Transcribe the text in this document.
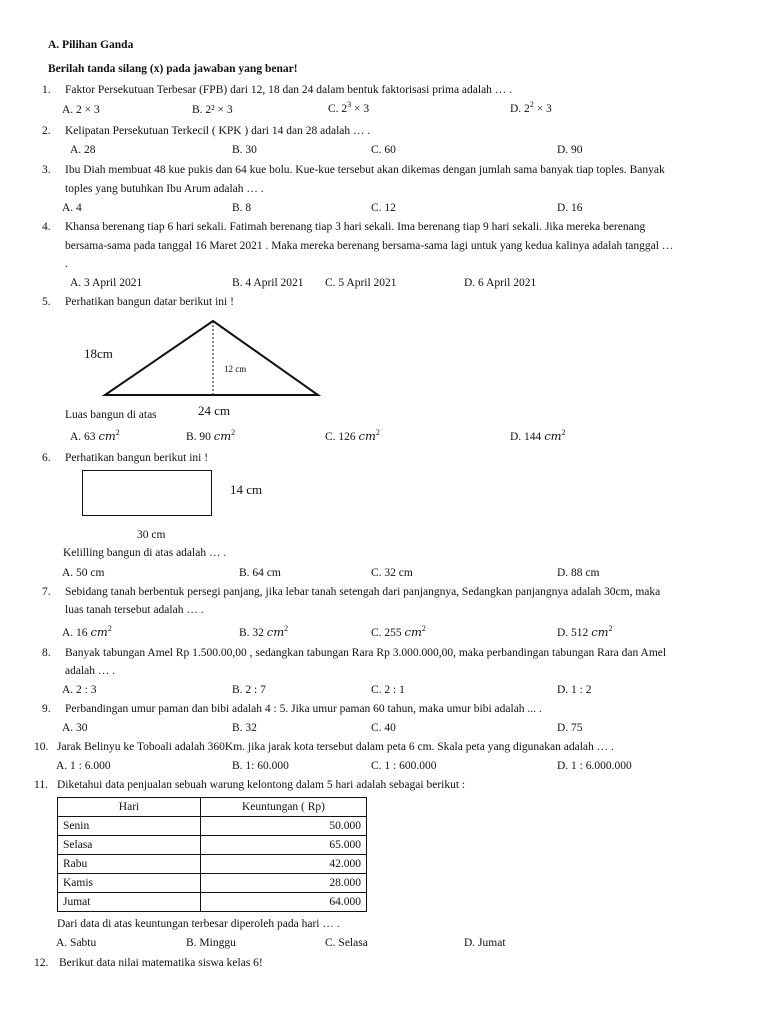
A. Pilihan Ganda
Berilah tanda silang (x) pada jawaban yang benar!
1. Faktor Persekutuan Terbesar (FPB) dari 12, 18 dan 24 dalam bentuk faktorisasi prima adalah … .
A. 2 × 3	B. 2² × 3	C. $2^3 \times 3$	D. $2^2 \times 3$
2. Kelipatan Persekutuan Terkecil ( KPK ) dari 14 dan 28 adalah … .
A. 28	B. 30	C. 60	D. 90
3. Ibu Diah membuat 48 kue pukis dan 64 kue bolu. Kue-kue tersebut akan dikemas dengan jumlah sama banyak tiap toples. Banyak
toples yang butuhkan Ibu Arum adalah … .
A. 4	B. 8	C. 12	D. 16
4. Khansa berenang tiap 6 hari sekali. Fatimah berenang tiap 3 hari sekali. Ima berenang tiap 9 hari sekali. Jika mereka berenang
bersama-sama pada tanggal 16 Maret 2021 . Maka mereka berenang bersama-sama lagi untuk yang kedua kalinya adalah tanggal …
.
A. 3 April 2021	B. 4 April 2021 C. 5 April 2021	D. 6 April 2021
5. Perhatikan bangun datar berikut ini !
18cm
12 cm
24 cm
Luas bangun di atas
A. 63 $cm^2$	B. 90 $cm^2$	C. 126 $cm^2$	D. 144 $cm^2$
6. Perhatikan bangun berikut ini !
14 cm
30 cm
Kelilling bangun di atas adalah … .
A. 50 cm	B. 64 cm	C. 32 cm	D. 88 cm
7. Sebidang tanah berbentuk persegi panjang, jika lebar tanah setengah dari panjangnya, Sedangkan panjangnya adalah 30cm, maka
luas tanah tersebut adalah … .
A. 16 $cm^2$	B. 32 $cm^2$	C. 255 $cm^2$	D. 512 $cm^2$
8. Banyak tabungan Amel Rp 1.500.00,00 , sedangkan tabungan Rara Rp 3.000.000,00, maka perbandingan tabungan Rara dan Amel
adalah … .
A. 2 : 3	B. 2 : 7	C. 2 : 1	D. 1 : 2
9. Perbandingan umur paman dan bibi adalah 4 : 5. Jika umur paman 60 tahun, maka umur bibi adalah ... .
A. 30	B. 32	C. 40	D. 75
10. Jarak Belinyu ke Toboali adalah 360Km. jika jarak kota tersebut dalam peta 6 cm. Skala peta yang digunakan adalah … .
A. 1 : 6.000	B. 1: 60.000	C. 1 : 600.000	D. 1 : 6.000.000
11. Diketahui data penjualan sebuah warung kelontong dalam 5 hari adalah sebagai berikut :
Hari	Keuntungan ( Rp)
Senin	50.000
Selasa	65.000
Rabu	42.000
Kamis	28.000
Jumat	64.000
Dari data di atas keuntungan terbesar diperoleh pada hari … .
A. Sabtu	B. Minggu	C. Selasa	D. Jumat
12. Berikut data nilai matematika siswa kelas 6!
